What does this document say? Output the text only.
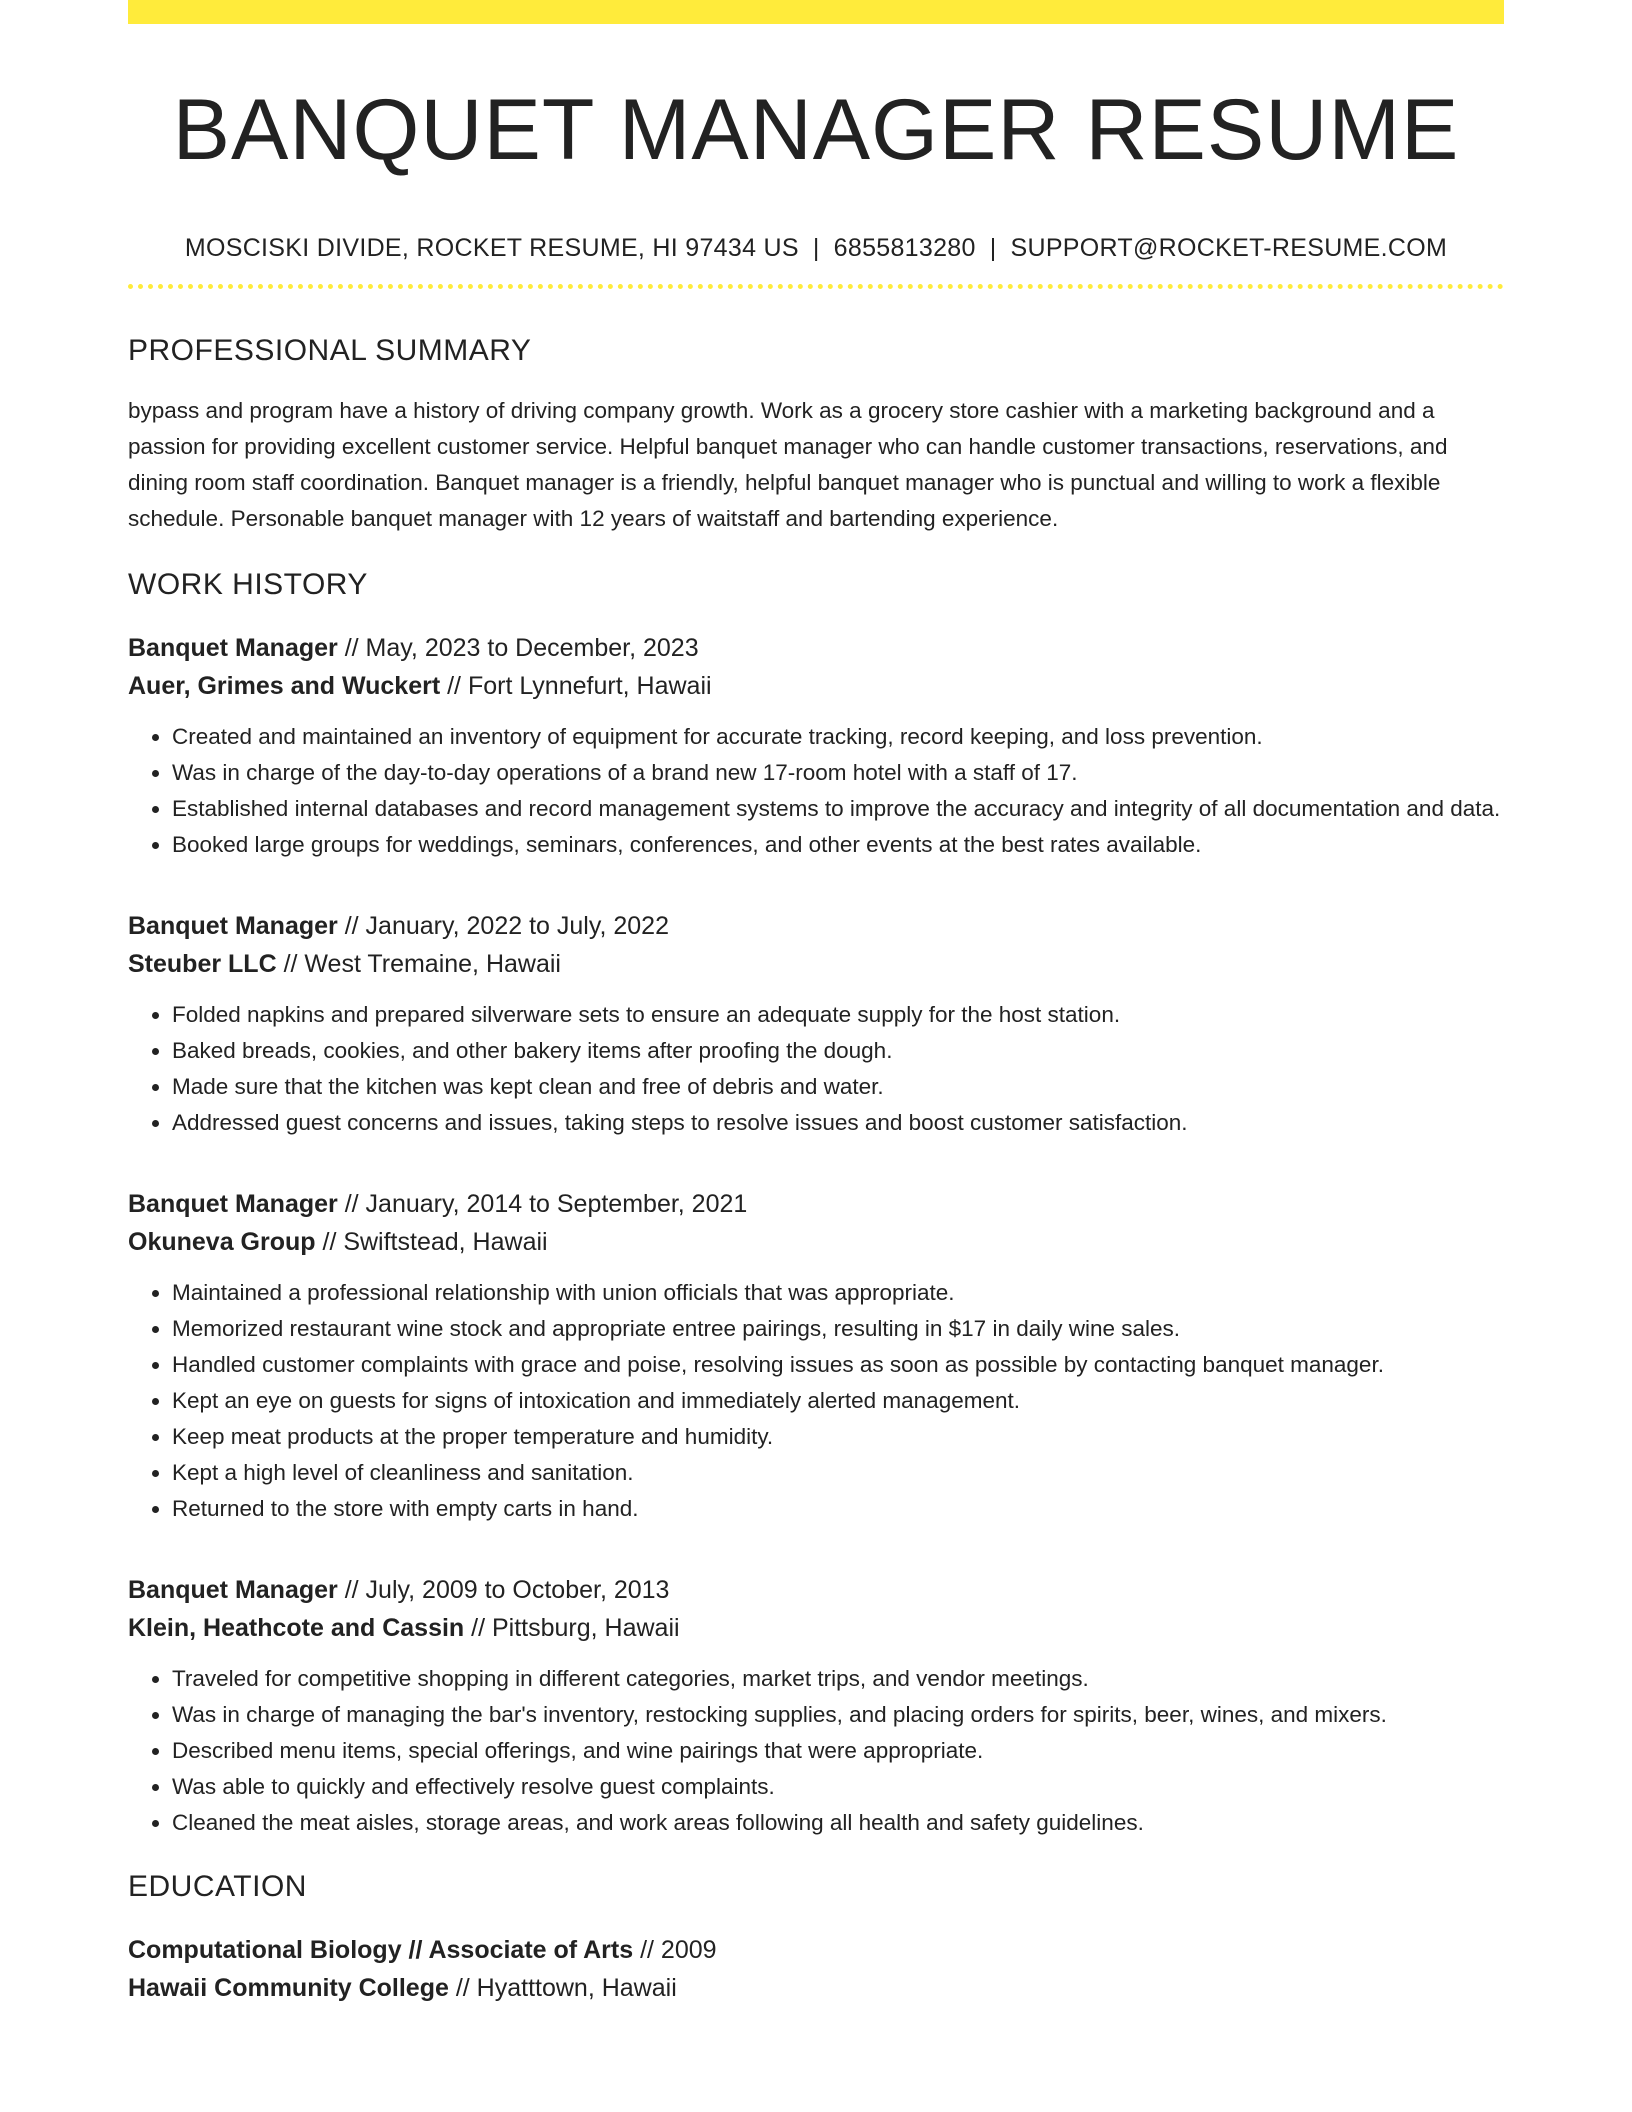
BANQUET MANAGER RESUME
MOSCISKI DIVIDE, ROCKET RESUME, HI 97434 US | 6855813280 | SUPPORT@ROCKET-RESUME.COM
PROFESSIONAL SUMMARY

bypass and program have a history of driving company growth. Work as a grocery store cashier with a marketing background and a passion for providing excellent customer service. Helpful banquet manager who can handle customer transactions, reservations, and dining room staff coordination. Banquet manager is a friendly, helpful banquet manager who is punctual and willing to work a flexible schedule. Personable banquet manager with 12 years of waitstaff and bartending experience.

WORK HISTORY
Banquet Manager // May, 2023 to December, 2023
Auer, Grimes and Wuckert // Fort Lynnefurt, Hawaii
• Created and maintained an inventory of equipment for accurate tracking, record keeping, and loss prevention.
• Was in charge of the day-to-day operations of a brand new 17-room hotel with a staff of 17.
• Established internal databases and record management systems to improve the accuracy and integrity of all documentation and data.
• Booked large groups for weddings, seminars, conferences, and other events at the best rates available.
Banquet Manager // January, 2022 to July, 2022
Steuber LLC // West Tremaine, Hawaii
• Folded napkins and prepared silverware sets to ensure an adequate supply for the host station.
• Baked breads, cookies, and other bakery items after proofing the dough.
• Made sure that the kitchen was kept clean and free of debris and water.
• Addressed guest concerns and issues, taking steps to resolve issues and boost customer satisfaction.
Banquet Manager // January, 2014 to September, 2021
Okuneva Group // Swiftstead, Hawaii
• Maintained a professional relationship with union officials that was appropriate.
• Memorized restaurant wine stock and appropriate entree pairings, resulting in $17 in daily wine sales.
• Handled customer complaints with grace and poise, resolving issues as soon as possible by contacting banquet manager.
• Kept an eye on guests for signs of intoxication and immediately alerted management.
• Keep meat products at the proper temperature and humidity.
• Kept a high level of cleanliness and sanitation.
• Returned to the store with empty carts in hand.
Banquet Manager // July, 2009 to October, 2013
Klein, Heathcote and Cassin // Pittsburg, Hawaii
• Traveled for competitive shopping in different categories, market trips, and vendor meetings.
• Was in charge of managing the bar's inventory, restocking supplies, and placing orders for spirits, beer, wines, and mixers.
• Described menu items, special offerings, and wine pairings that were appropriate.
• Was able to quickly and effectively resolve guest complaints.
• Cleaned the meat aisles, storage areas, and work areas following all health and safety guidelines.
EDUCATION
Computational Biology // Associate of Arts // 2009
Hawaii Community College // Hyatttown, Hawaii
